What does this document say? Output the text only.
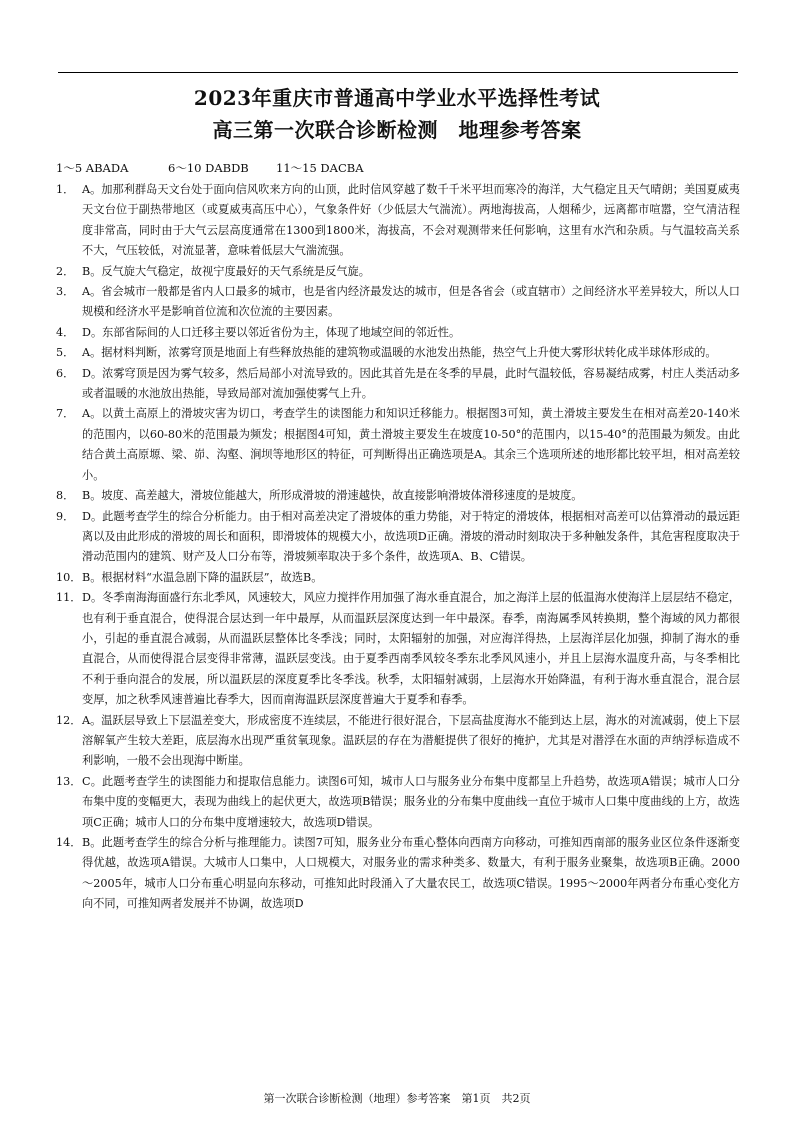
2023年重庆市普通高中学业水平选择性考试
高三第一次联合诊断检测　地理参考答案
1～5 ABADA	6～10 DABDB 11～15 DACBA
1． A。加那利群岛天文台处于面向信风吹来方向的山顶，此时信风穿越了数千千米平坦而寒冷的海洋，大气稳定且天气晴朗；美国夏威夷天文台位于副热带地区（或夏威夷高压中心），气象条件好（少低层大气湍流）。两地海拔高，人烟稀少，远离都市喧嚣，空气清洁程度非常高，同时由于大气云层高度通常在1300到1800米，海拔高，不会对观测带来任何影响，这里有水汽和杂质。与气温较高关系不大，气压较低，对流显著，意味着低层大气湍流强。
2． B。反气旋大气稳定，故视宁度最好的天气系统是反气旋。
3． A。省会城市一般都是省内人口最多的城市，也是省内经济最发达的城市，但是各省会（或直辖市）之间经济水平差异较大，所以人口规模和经济水平是影响首位流和次位流的主要因素。
4． D。东部省际间的人口迁移主要以邻近省份为主，体现了地域空间的邻近性。
5． A。据材料判断，浓雾穹顶是地面上有些释放热能的建筑物或温暖的水池发出热能，热空气上升使大雾形状转化成半球体形成的。
6． D。浓雾穹顶是因为雾气较多，然后局部小对流导致的。因此其首先是在冬季的早晨，此时气温较低，容易凝结成雾，村庄人类活动多或者温暖的水池放出热能，导致局部对流加强使雾气上升。
7． A。以黄土高原上的滑坡灾害为切口，考查学生的读图能力和知识迁移能力。根据图3可知，黄土滑坡主要发生在相对高差20-140米的范围内，以60-80米的范围最为频发；根据图4可知，黄土滑坡主要发生在坡度10-50°的范围内，以15-40°的范围最为频发。由此结合黄土高原塬、梁、峁、沟壑、涧坝等地形区的特征，可判断得出正确选项是A。其余三个选项所述的地形都比较平坦，相对高差较小。
8． B。坡度、高差越大，滑坡位能越大，所形成滑坡的滑速越快，故直接影响滑坡体滑移速度的是坡度。
9． D。此题考查学生的综合分析能力。由于相对高差决定了滑坡体的重力势能，对于特定的滑坡体，根据相对高差可以估算滑动的最远距离以及由此形成的滑坡的周长和面积，即滑坡体的规模大小，故选项D正确。滑坡的滑动时刻取决于多种触发条件，其危害程度取决于滑动范围内的建筑、财产及人口分布等，滑坡频率取决于多个条件，故选项A、B、C错误。
10． B。根据材料“水温急剧下降的温跃层”，故选B。
11． D。冬季南海海面盛行东北季风，风速较大，风应力搅拌作用加强了海水垂直混合，加之海洋上层的低温海水使海洋上层层结不稳定，也有利于垂直混合，使得混合层达到一年中最厚，从而温跃层深度达到一年中最深。春季，南海属季风转换期，整个海域的风力都很小，引起的垂直混合减弱，从而温跃层整体比冬季浅；同时，太阳辐射的加强，对应海洋得热，上层海洋层化加强，抑制了海水的垂直混合，从而使得混合层变得非常薄，温跃层变浅。由于夏季西南季风较冬季东北季风风速小，并且上层海水温度升高，与冬季相比不利于垂向混合的发展，所以温跃层的深度夏季比冬季浅。秋季，太阳辐射减弱，上层海水开始降温，有利于海水垂直混合，混合层变厚，加之秋季风速普遍比春季大，因而南海温跃层深度普遍大于夏季和春季。
12． A。温跃层导致上下层温差变大，形成密度不连续层，不能进行很好混合，下层高盐度海水不能到达上层，海水的对流减弱，使上下层溶解氧产生较大差距，底层海水出现严重贫氧现象。温跃层的存在为潜艇提供了很好的掩护，尤其是对潜浮在水面的声纳浮标造成不利影响，一般不会出现海中断崖。
13． C。此题考查学生的读图能力和提取信息能力。读图6可知，城市人口与服务业分布集中度都呈上升趋势，故选项A错误；城市人口分布集中度的变幅更大，表现为曲线上的起伏更大，故选项B错误；服务业的分布集中度曲线一直位于城市人口集中度曲线的上方，故选项C正确；城市人口的分布集中度增速较大，故选项D错误。
14． B。此题考查学生的综合分析与推理能力。读图7可知，服务业分布重心整体向西南方向移动，可推知西南部的服务业区位条件逐渐变得优越，故选项A错误。大城市人口集中，人口规模大，对服务业的需求种类多、数量大，有利于服务业聚集，故选项B正确。2000～2005年，城市人口分布重心明显向东移动，可推知此时段涌入了大量农民工，故选项C错误。1995～2000年两者分布重心变化方向不同，可推知两者发展并不协调，故选项D
第一次联合诊断检测（地理）参考答案　第1页　共2页
